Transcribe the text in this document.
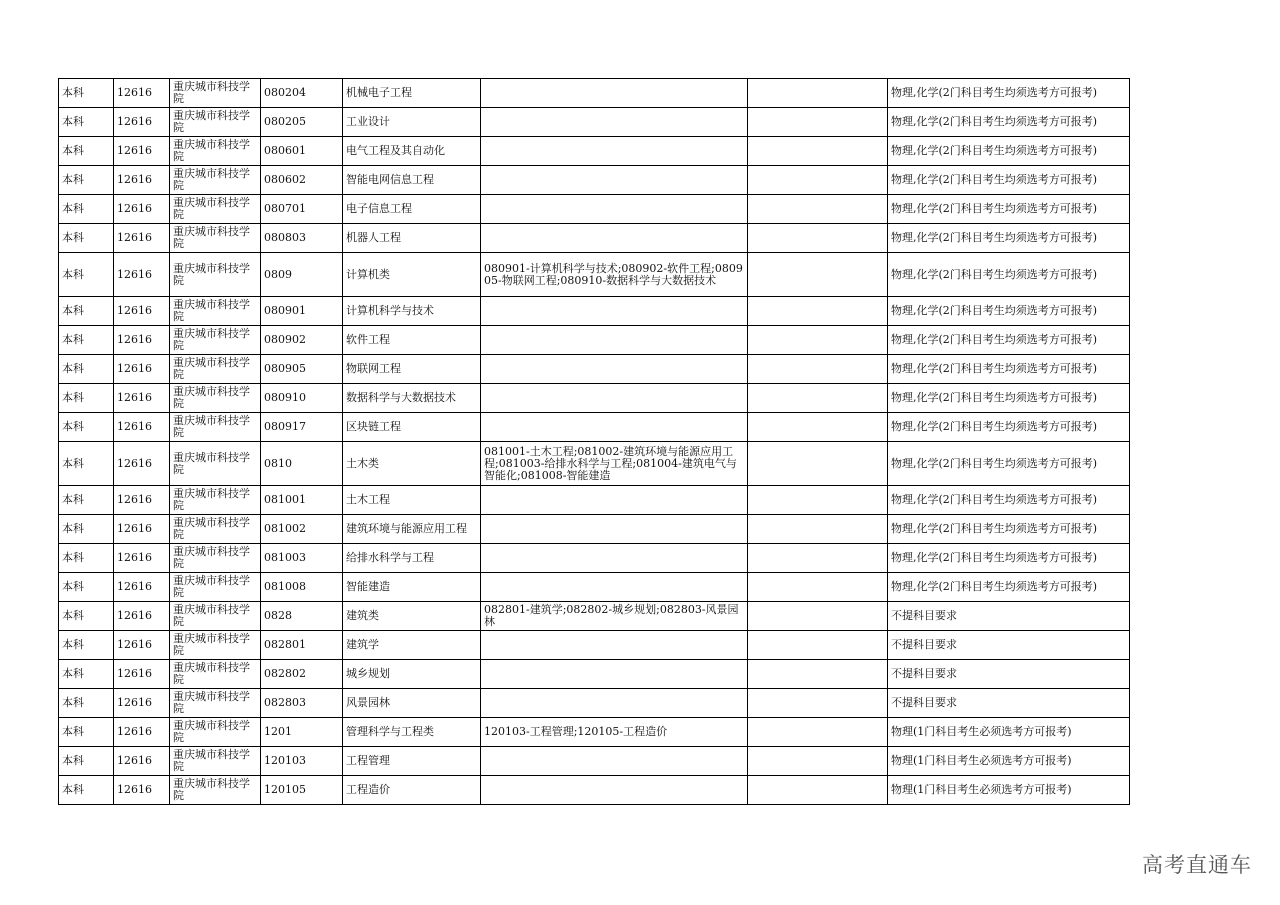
本科	12616	重庆城市科技学院	080204	机械电子工程			物理,化学(2门科目考生均须选考方可报考)
本科	12616	重庆城市科技学院	080205	工业设计			物理,化学(2门科目考生均须选考方可报考)
本科	12616	重庆城市科技学院	080601	电气工程及其自动化			物理,化学(2门科目考生均须选考方可报考)
本科	12616	重庆城市科技学院	080602	智能电网信息工程			物理,化学(2门科目考生均须选考方可报考)
本科	12616	重庆城市科技学院	080701	电子信息工程			物理,化学(2门科目考生均须选考方可报考)
本科	12616	重庆城市科技学院	080803	机器人工程			物理,化学(2门科目考生均须选考方可报考)
本科	12616	重庆城市科技学院	0809	计算机类	080901-计算机科学与技术;080902-软件工程;080905-物联网工程;080910-数据科学与大数据技术		物理,化学(2门科目考生均须选考方可报考)
本科	12616	重庆城市科技学院	080901	计算机科学与技术			物理,化学(2门科目考生均须选考方可报考)
本科	12616	重庆城市科技学院	080902	软件工程			物理,化学(2门科目考生均须选考方可报考)
本科	12616	重庆城市科技学院	080905	物联网工程			物理,化学(2门科目考生均须选考方可报考)
本科	12616	重庆城市科技学院	080910	数据科学与大数据技术			物理,化学(2门科目考生均须选考方可报考)
本科	12616	重庆城市科技学院	080917	区块链工程			物理,化学(2门科目考生均须选考方可报考)
本科	12616	重庆城市科技学院	0810	土木类	081001-土木工程;081002-建筑环境与能源应用工程;081003-给排水科学与工程;081004-建筑电气与智能化;081008-智能建造		物理,化学(2门科目考生均须选考方可报考)
本科	12616	重庆城市科技学院	081001	土木工程			物理,化学(2门科目考生均须选考方可报考)
本科	12616	重庆城市科技学院	081002	建筑环境与能源应用工程			物理,化学(2门科目考生均须选考方可报考)
本科	12616	重庆城市科技学院	081003	给排水科学与工程			物理,化学(2门科目考生均须选考方可报考)
本科	12616	重庆城市科技学院	081008	智能建造			物理,化学(2门科目考生均须选考方可报考)
本科	12616	重庆城市科技学院	0828	建筑类	082801-建筑学;082802-城乡规划;082803-风景园林		不提科目要求
本科	12616	重庆城市科技学院	082801	建筑学			不提科目要求
本科	12616	重庆城市科技学院	082802	城乡规划			不提科目要求
本科	12616	重庆城市科技学院	082803	风景园林			不提科目要求
本科	12616	重庆城市科技学院	1201	管理科学与工程类	120103-工程管理;120105-工程造价		物理(1门科目考生必须选考方可报考)
本科	12616	重庆城市科技学院	120103	工程管理			物理(1门科目考生必须选考方可报考)
本科	12616	重庆城市科技学院	120105	工程造价			物理(1门科目考生必须选考方可报考)
高考直通车
